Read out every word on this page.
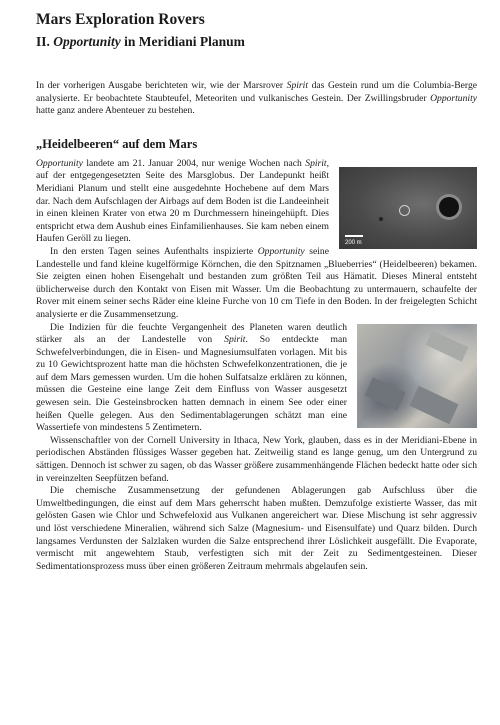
Mars Exploration Rovers
II. Opportunity in Meridiani Planum

In der vorherigen Ausgabe berichteten wir, wie der Marsrover Spirit das Gestein rund um die Columbia-Berge analysierte. Er beobachtete Staubteufel, Meteoriten und vulkanisches Gestein. Der Zwillingsbruder Opportunity hatte ganz andere Abenteuer zu bestehen.

„Heidelbeeren“ auf dem Mars
200 m

Opportunity landete am 21. Januar 2004, nur wenige Wochen nach Spirit, auf der entgegengesetzten Seite des Marsglobus. Der Landepunkt heißt Meridiani Planum und stellt eine ausgedehnte Hochebene auf dem Mars dar. Nach dem Aufschlagen der Airbags auf dem Boden ist die Landeeinheit in einen kleinen Krater von etwa 20 m Durchmessern hineingehüpft. Dies entspricht etwa dem Aushub eines Einfamilienhauses. Sie kam neben einem Haufen Geröll zu liegen.

In den ersten Tagen seines Aufenthalts inspizierte Opportunity seine Landestelle und fand kleine kugelförmige Körnchen, die den Spitznamen „Blueberries“ (Heidelbeeren) bekamen. Sie zeigten einen hohen Eisengehalt und bestanden zum größten Teil aus Hämatit. Dieses Mineral entsteht üblicherweise durch den Kontakt von Eisen mit Wasser. Um die Beobachtung zu untermauern, schaufelte der Rover mit einem seiner sechs Räder eine kleine Furche von 10 cm Tiefe in den Boden. In der freigelegten Schicht analysierte er die Zusammensetzung.

Die Indizien für die feuchte Vergangenheit des Planeten waren deutlich stärker als an der Landestelle von Spirit. So entdeckte man Schwefelverbindungen, die in Eisen- und Magnesiumsulfaten vorlagen. Mit bis zu 10 Gewichtsprozent hatte man die höchsten Schwefelkonzentrationen, die je auf dem Mars gemessen wurden. Um die hohen Sulfatsalze erklären zu können, müssen die Gesteine eine lange Zeit dem Einfluss von Wasser ausgesetzt gewesen sein. Die Gesteinsbrocken hatten demnach in einem See oder einer heißen Quelle gelegen. Aus den Sedimentablagerungen schätzt man eine Wassertiefe von mindestens 5 Zentimetern.

Wissenschaftler von der Cornell University in Ithaca, New York, glauben, dass es in der Meridiani-Ebene in periodischen Abständen flüssiges Wasser gegeben hat. Zeitweilig stand es lange genug, um den Untergrund zu sättigen. Dennoch ist schwer zu sagen, ob das Wasser größere zusammenhängende Flächen bedeckt hatte oder sich in vereinzelten Seepfützen befand.

Die chemische Zusammensetzung der gefundenen Ablagerungen gab Aufschluss über die Umweltbedingungen, die einst auf dem Mars geherrscht haben mußten. Demzufolge existierte Wasser, das mit gelösten Gasen wie Chlor und Schwefeloxid aus Vulkanen angereichert war. Diese Mischung ist sehr aggressiv und löst verschiedene Mineralien, während sich Salze (Magnesium- und Eisensulfate) und Quarz bilden. Durch langsames Verdunsten der Salzlaken wurden die Salze entsprechend ihrer Löslichkeit ausgefällt. Die Evaporate, vermischt mit angewehtem Staub, verfestigten sich mit der Zeit zu Sedimentgesteinen. Dieser Sedimentationsprozess muss über einen größeren Zeitraum mehrmals abgelaufen sein.
